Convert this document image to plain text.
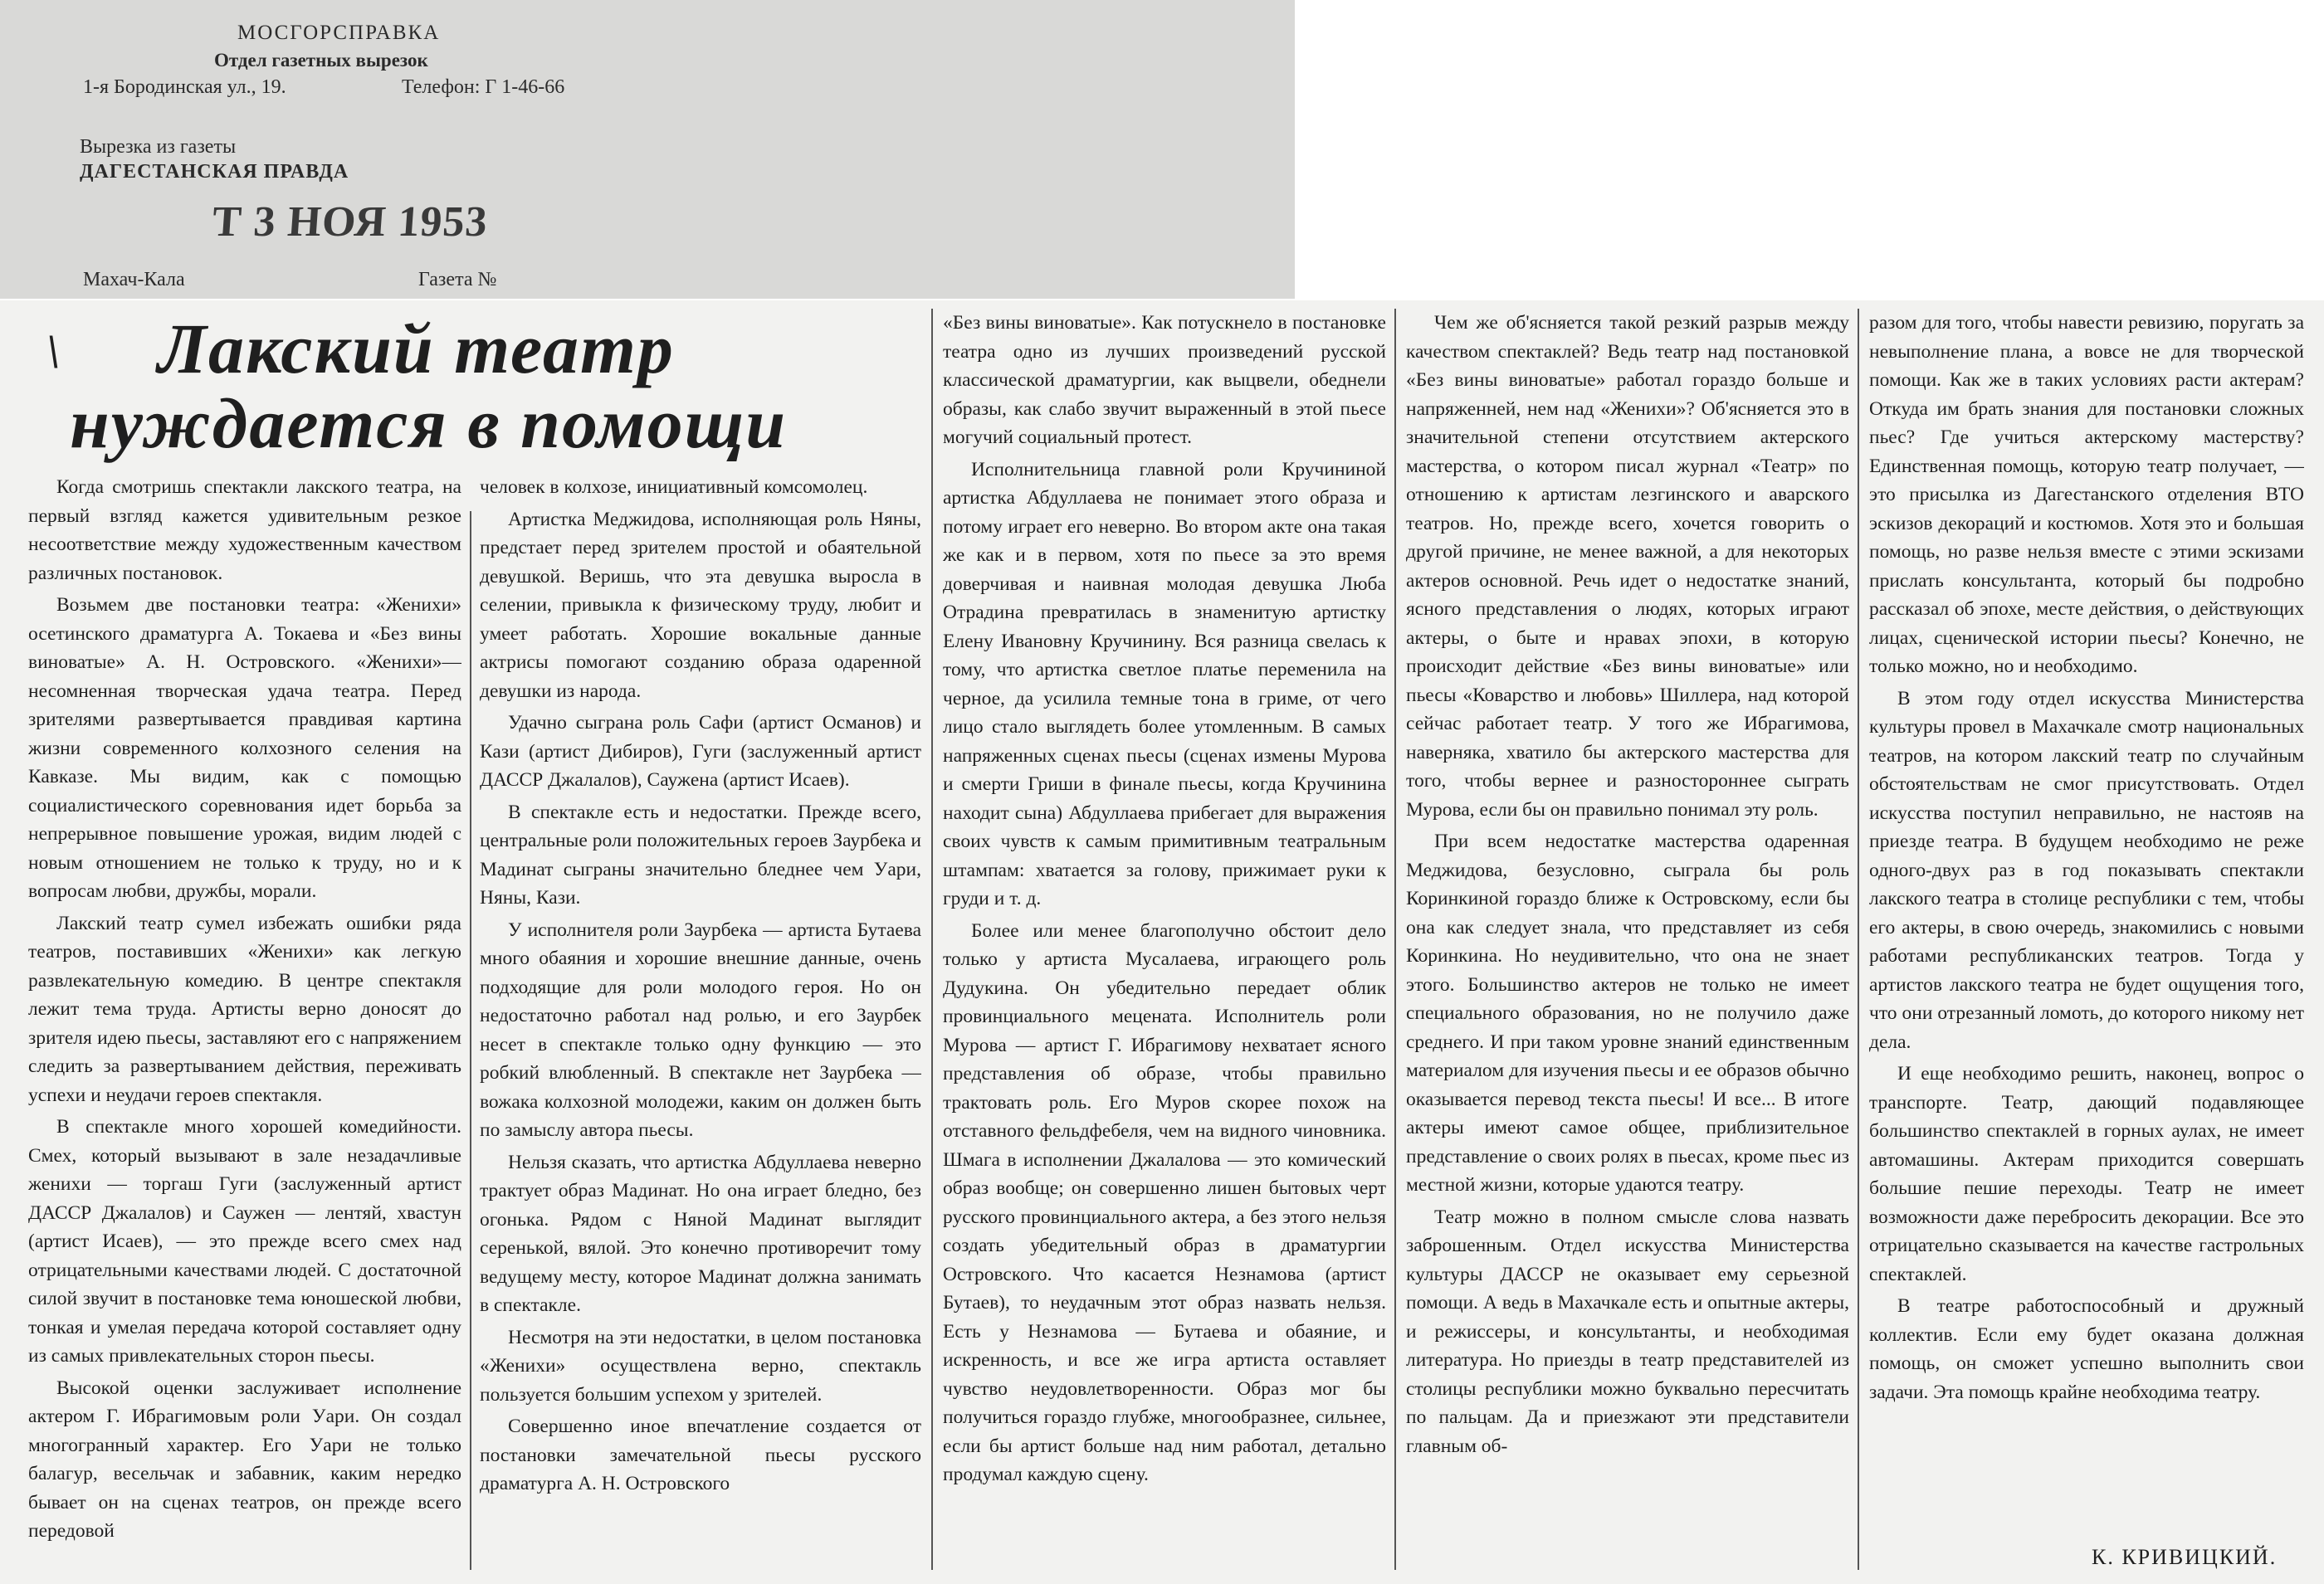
МОСГОРСПРАВКА
Отдел газетных вырезок
1-я Бородинская ул., 19.	Телефон: Г 1-46-66
Вырезка из газеты
ДАГЕСТАНСКАЯ ПРАВДА
Т 3 НОЯ 1953
Махач-Кала	Газета №
\ Лакский театр
нуждается в помощи

Когда смотришь спектакли лакского театра, на первый взгляд кажется удивительным резкое несоответствие между художественным качеством различных постановок.

Возьмем две постановки театра: «Женихи» осетинского драматурга А. Токаева и «Без вины виноватые» А. Н. Островского. «Женихи»—несомненная творческая удача театра. Перед зрителями развертывается правдивая картина жизни современного колхозного селения на Кавказе. Мы видим, как с помощью социалистического соревнования идет борьба за непрерывное повышение урожая, видим людей с новым отношением не только к труду, но и к вопросам любви, дружбы, морали.

Лакский театр сумел избежать ошибки ряда театров, поставивших «Женихи» как легкую развлекательную комедию. В центре спектакля лежит тема труда. Артисты верно доносят до зрителя идею пьесы, заставляют его с напряжением следить за развертыванием действия, переживать успехи и неудачи героев спектакля.

В спектакле много хорошей комедийности. Смех, который вызывают в зале незадачливые женихи — торгаш Гуги (заслуженный артист ДАССР Джалалов) и Саужен — лентяй, хвастун (артист Исаев), — это прежде всего смех над отрицательными качествами людей. С достаточной силой звучит в постановке тема юношеской любви, тонкая и умелая передача которой составляет одну из самых привлекательных сторон пьесы.

Высокой оценки заслуживает исполнение актером Г. Ибрагимовым роли Уари. Он создал многогранный характер. Его Уари не только балагур, весельчак и забавник, каким нередко бывает он на сценах театров, он прежде всего передовой

человек в колхозе, инициативный комсомолец.

Артистка Меджидова, исполняющая роль Няны, предстает перед зрителем простой и обаятельной девушкой. Веришь, что эта девушка выросла в селении, привыкла к физическому труду, любит и умеет работать. Хорошие вокальные данные актрисы помогают созданию образа одаренной девушки из народа.

Удачно сыграна роль Сафи (артист Османов) и Кази (артист Дибиров), Гуги (заслуженный артист ДАССР Джалалов), Саужена (артист Исаев).

В спектакле есть и недостатки. Прежде всего, центральные роли положительных героев Заурбека и Мадинат сыграны значительно бледнее чем Уари, Няны, Кази.

У исполнителя роли Заурбека — артиста Бутаева много обаяния и хорошие внешние данные, очень подходящие для роли молодого героя. Но он недостаточно работал над ролью, и его Заурбек несет в спектакле только одну функцию — это робкий влюбленный. В спектакле нет Заурбека — вожака колхозной молодежи, каким он должен быть по замыслу автора пьесы.

Нельзя сказать, что артистка Абдуллаева неверно трактует образ Мадинат. Но она играет бледно, без огонька. Рядом с Няной Мадинат выглядит серенькой, вялой. Это конечно противоречит тому ведущему месту, которое Мадинат должна занимать в спектакле.

Несмотря на эти недостатки, в целом постановка «Женихи» осуществлена верно, спектакль пользуется большим успехом у зрителей.

Совершенно иное впечатление создается от постановки замечательной пьесы русского драматурга А. Н. Островского

«Без вины виноватые». Как потускнело в постановке театра одно из лучших произведений русской классической драматургии, как выцвели, обеднели образы, как слабо звучит выраженный в этой пьесе могучий социальный протест.

Исполнительница главной роли Кручининой артистка Абдуллаева не понимает этого образа и потому играет его неверно. Во втором акте она такая же как и в первом, хотя по пьесе за это время доверчивая и наивная молодая девушка Люба Отрадина превратилась в знаменитую артистку Елену Ивановну Кручинину. Вся разница свелась к тому, что артистка светлое платье переменила на черное, да усилила темные тона в гриме, от чего лицо стало выглядеть более утомленным. В самых напряженных сценах пьесы (сценах измены Мурова и смерти Гриши в финале пьесы, когда Кручинина находит сына) Абдуллаева прибегает для выражения своих чувств к самым примитивным театральным штампам: хватается за голову, прижимает руки к груди и т. д.

Более или менее благополучно обстоит дело только у артиста Мусалаева, играющего роль Дудукина. Он убедительно передает облик провинциального мецената. Исполнитель роли Мурова — артист Г. Ибрагимову нехватает ясного представления об образе, чтобы правильно трактовать роль. Его Муров скорее похож на отставного фельдфебеля, чем на видного чиновника. Шмага в исполнении Джалалова — это комический образ вообще; он совершенно лишен бытовых черт русского провинциального актера, а без этого нельзя создать убедительный образ в драматургии Островского. Что касается Незнамова (артист Бутаев), то неудачным этот образ назвать нельзя. Есть у Незнамова — Бутаева и обаяние, и искренность, и все же игра артиста оставляет чувство неудовлетворенности. Образ мог бы получиться гораздо глубже, многообразнее, сильнее, если бы артист больше над ним работал, детально продумал каждую сцену.

Чем же об'ясняется такой резкий разрыв между качеством спектаклей? Ведь театр над постановкой «Без вины виноватые» работал гораздо больше и напряженней, нем над «Женихи»? Об'ясняется это в значительной степени отсутствием актерского мастерства, о котором писал журнал «Театр» по отношению к артистам лезгинского и аварского театров. Но, прежде всего, хочется говорить о другой причине, не менее важной, а для некоторых актеров основной. Речь идет о недостатке знаний, ясного представления о людях, которых играют актеры, о быте и нравах эпохи, в которую происходит действие «Без вины виноватые» или пьесы «Коварство и любовь» Шиллера, над которой сейчас работает театр. У того же Ибрагимова, наверняка, хватило бы актерского мастерства для того, чтобы вернее и разностороннее сыграть Мурова, если бы он правильно понимал эту роль.

При всем недостатке мастерства одаренная Меджидова, безусловно, сыграла бы роль Коринкиной гораздо ближе к Островскому, если бы она как следует знала, что представляет из себя Коринкина. Но неудивительно, что она не знает этого. Большинство актеров не только не имеет специального образования, но не получило даже среднего. И при таком уровне знаний единственным материалом для изучения пьесы и ее образов обычно оказывается перевод текста пьесы! И все... В итоге актеры имеют самое общее, приблизительное представление о своих ролях в пьесах, кроме пьес из местной жизни, которые удаются театру.

Театр можно в полном смысле слова назвать заброшенным. Отдел искусства Министерства культуры ДАССР не оказывает ему серьезной помощи. А ведь в Махачкале есть и опытные актеры, и режиссеры, и консультанты, и необходимая литература. Но приезды в театр представителей из столицы республики можно буквально пересчитать по пальцам. Да и приезжают эти представители главным об-

разом для того, чтобы навести ревизию, поругать за невыполнение плана, а вовсе не для творческой помощи. Как же в таких условиях расти актерам? Откуда им брать знания для постановки сложных пьес? Где учиться актерскому мастерству? Единственная помощь, которую театр получает, — это присылка из Дагестанского отделения ВТО эскизов декораций и костюмов. Хотя это и большая помощь, но разве нельзя вместе с этими эскизами прислать консультанта, который бы подробно рассказал об эпохе, месте действия, о действующих лицах, сценической истории пьесы? Конечно, не только можно, но и необходимо.

В этом году отдел искусства Министерства культуры провел в Махачкале смотр национальных театров, на котором лакский театр по случайным обстоятельствам не смог присутствовать. Отдел искусства поступил неправильно, не настояв на приезде театра. В будущем необходимо не реже одного-двух раз в год показывать спектакли лакского театра в столице республики с тем, чтобы его актеры, в свою очередь, знакомились с новыми работами республиканских театров. Тогда у артистов лакского театра не будет ощущения того, что они отрезанный ломоть, до которого никому нет дела.

И еще необходимо решить, наконец, вопрос о транспорте. Театр, дающий подавляющее большинство спектаклей в горных аулах, не имеет автомашины. Актерам приходится совершать большие пешие переходы. Театр не имеет возможности даже перебросить декорации. Все это отрицательно сказывается на качестве гастрольных спектаклей.

В театре работоспособный и дружный коллектив. Если ему будет оказана должная помощь, он сможет успешно выполнить свои задачи. Эта помощь крайне необходима театру.

К. КРИВИЦКИЙ.
